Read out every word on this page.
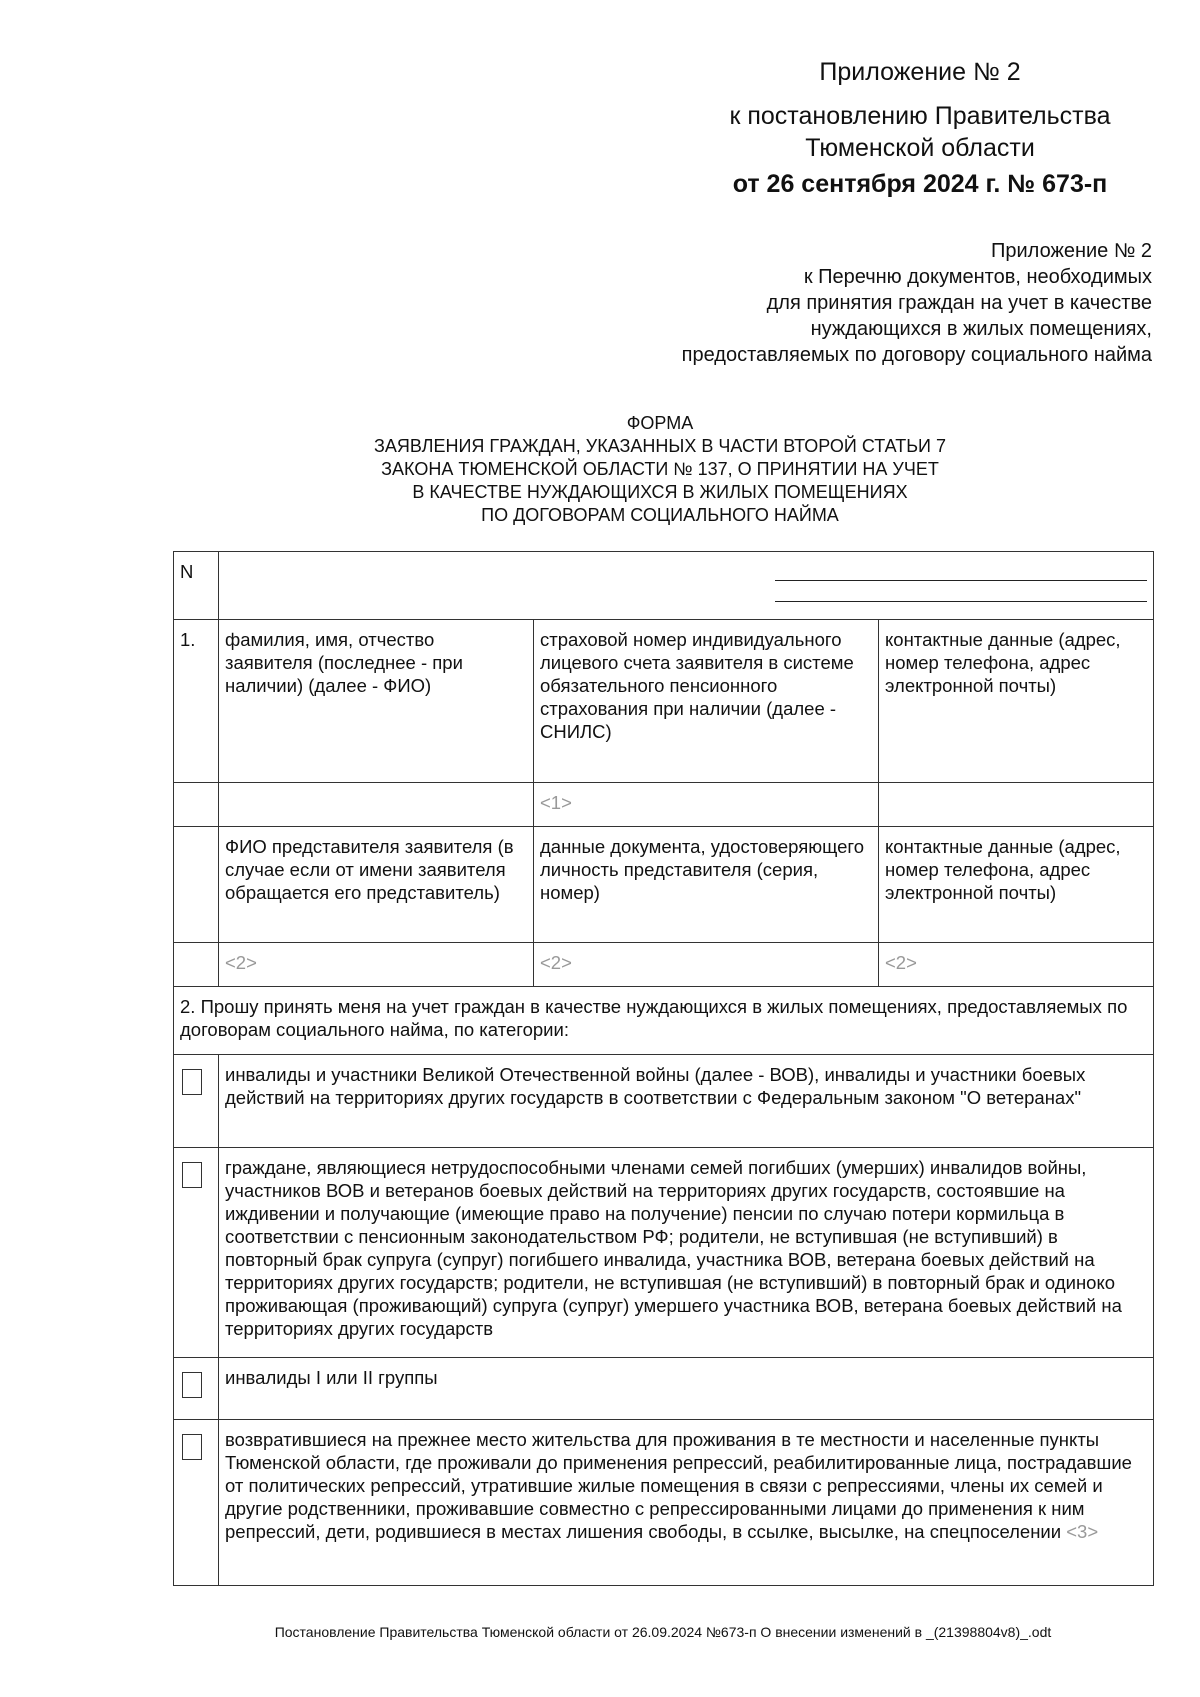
Приложение № 2
к постановлению Правительства Тюменской области
от 26 сентября 2024 г. № 673-п
Приложение № 2
к Перечню документов, необходимых
для принятия граждан на учет в качестве
нуждающихся в жилых помещениях,
предоставляемых по договору социального найма
ФОРМА
ЗАЯВЛЕНИЯ ГРАЖДАН, УКАЗАННЫХ В ЧАСТИ ВТОРОЙ СТАТЬИ 7
ЗАКОНА ТЮМЕНСКОЙ ОБЛАСТИ № 137, О ПРИНЯТИИ НА УЧЕТ
В КАЧЕСТВЕ НУЖДАЮЩИХСЯ В ЖИЛЫХ ПОМЕЩЕНИЯХ
ПО ДОГОВОРАМ СОЦИАЛЬНОГО НАЙМА
N			

1.	фамилия, имя, отчество заявителя (последнее - при наличии) (далее - ФИО)	страховой номер индивидуального лицевого счета заявителя в системе обязательного пенсионного страхования при наличии (далее - СНИЛС)	контактные данные (адрес, номер телефона, адрес электронной почты)
		<1>	
	ФИО представителя заявителя (в случае если от имени заявителя обращается его представитель)	данные документа, удостоверяющего личность представителя (серия, номер)	контактные данные (адрес, номер телефона, адрес электронной почты)
	<2>	<2>	<2>
2. Прошу принять меня на учет граждан в качестве нуждающихся в жилых помещениях, предоставляемых по договорам социального найма, по категории:			
	инвалиды и участники Великой Отечественной войны (далее - ВОВ), инвалиды и участники боевых действий на территориях других государств в соответствии с Федеральным законом "О ветеранах"		
	граждане, являющиеся нетрудоспособными членами семей погибших (умерших) инвалидов войны, участников ВОВ и ветеранов боевых действий на территориях других государств, состоявшие на иждивении и получающие (имеющие право на получение) пенсии по случаю потери кормильца в соответствии с пенсионным законодательством РФ; родители, не вступившая (не вступивший) в повторный брак супруга (супруг) погибшего инвалида, участника ВОВ, ветерана боевых действий на территориях других государств; родители, не вступившая (не вступивший) в повторный брак и одиноко проживающая (проживающий) супруга (супруг) умершего участника ВОВ, ветерана боевых действий на территориях других государств		
	инвалиды I или II группы		
	возвратившиеся на прежнее место жительства для проживания в те местности и населенные пункты Тюменской области, где проживали до применения репрессий, реабилитированные лица, пострадавшие от политических репрессий, утратившие жилые помещения в связи с репрессиями, члены их семей и другие родственники, проживавшие совместно с репрессированными лицами до применения к ним репрессий, дети, родившиеся в местах лишения свободы, в ссылке, высылке, на спецпоселении <3>		
Постановление Правительства Тюменской области от 26.09.2024 №673-п О внесении изменений в _(21398804v8)_.odt
